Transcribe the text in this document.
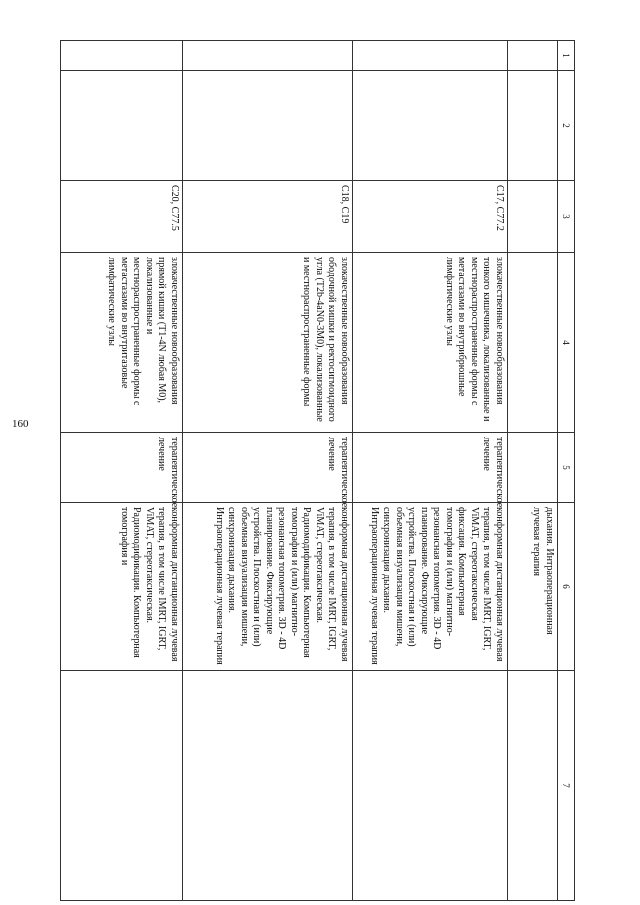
160
1	2	3	4	5	6	7
					дыхания. Интраоперационная лучевая терапия	
		C17, C77.2	злокачественные новообразования тонкого кишечника, локализованные и местнораспространенные формы с метастазами во внутрибрюшные лимфатические узлы	терапевтическое лечение	конформная дистанционная лучевая терапия, в том числе IMRT, IGRT, ViMAT, стереотаксическая фиксация. Компьютерная томография и (или) магнитно-резонансная топометрия. 3D - 4D планирование. Фиксирующие устройства. Плоскостная и (или) объемная визуализация мишени, синхронизация дыхания. Интраоперационная лучевая терапия	
		C18, C19	злокачественные новообразования ободочной кишки и ректосигмоидного угла (T2b-4aN0-3M0), локализованные и местнораспространенные формы	терапевтическое лечение	конформная дистанционная лучевая терапия, в том числе IMRT, IGRT, ViMAT, стереотаксическая. Радиомодификация. Компьютерная томография и (или) магнитно-резонансная топометрия. 3D - 4D планирование. Фиксирующие устройства. Плоскостная и (или) объемная визуализация мишени, синхронизация дыхания. Интраоперационная лучевая терапия	
		C20, C77.5	злокачественные новообразования прямой кишки (T1-4N любая M0), локализованные и местнораспространенные формы с метастазами во внутритазовые лимфатические узлы	терапевтическое лечение	конформная дистанционная лучевая терапия, в том числе IMRT, IGRT, ViMAT, стереотаксическая. Радиомодификация. Компьютерная томография и	
